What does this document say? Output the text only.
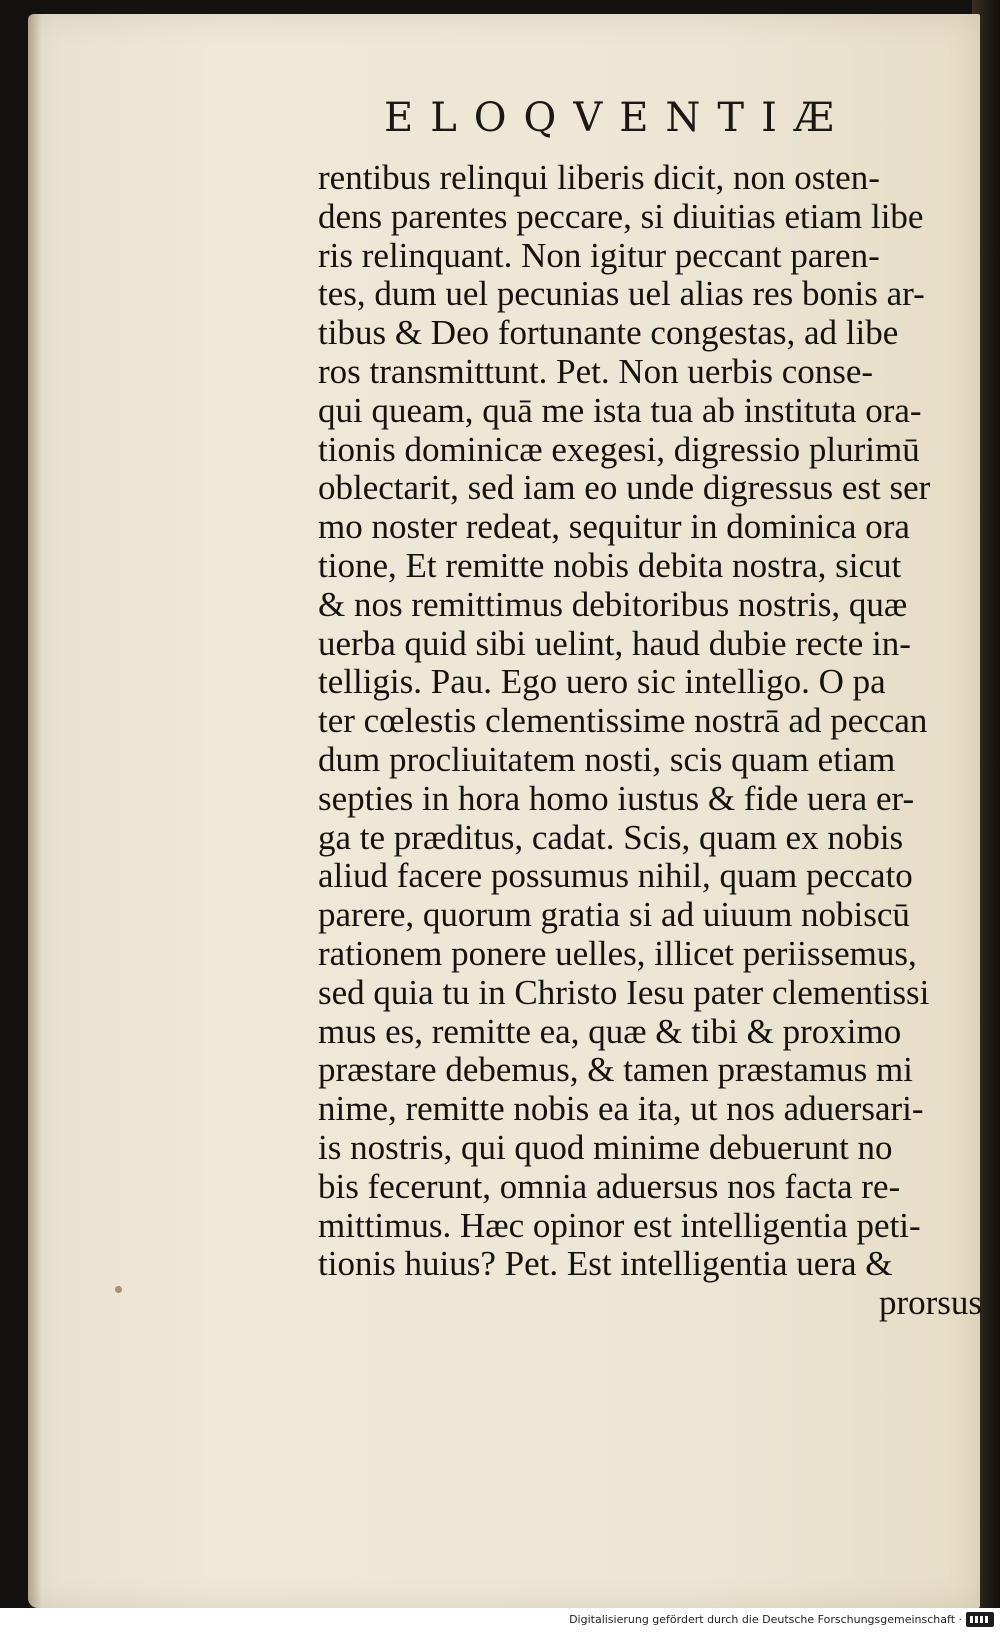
ELOQVENTIÆ
rentibus relinqui liberis dicit, non osten-
dens parentes peccare, si diuitias etiam libe
ris relinquant. Non igitur peccant paren-
tes, dum uel pecunias uel alias res bonis ar-
tibus & Deo fortunante congestas, ad libe
ros transmittunt. Pet. Non uerbis conse-
qui queam, quā me ista tua ab instituta ora-
tionis dominicæ exegesi, digressio plurimū
oblectarit, sed iam eo unde digressus est ser
mo noster redeat, sequitur in dominica ora
tione, Et remitte nobis debita nostra, sicut
& nos remittimus debitoribus nostris, quæ
uerba quid sibi uelint, haud dubie recte in-
telligis. Pau. Ego uero sic intelligo. O pa
ter cœlestis clementissime nostrā ad peccan
dum procliuitatem nosti, scis quam etiam
septies in hora homo iustus & fide uera er-
ga te præditus, cadat. Scis, quam ex nobis
aliud facere possumus nihil, quam peccato
parere, quorum gratia si ad uiuum nobiscū
rationem ponere uelles, illicet periissemus,
sed quia tu in Christo Iesu pater clementissi
mus es, remitte ea, quæ & tibi & proximo
præstare debemus, & tamen præstamus mi
nime, remitte nobis ea ita, ut nos aduersari-
is nostris, qui quod minime debuerunt no
bis fecerunt, omnia aduersus nos facta re-
mittimus. Hæc opinor est intelligentia peti-
tionis huius? Pet. Est intelligentia uera &
prorsus
Digitalisierung gefördert durch die Deutsche Forschungsgemeinschaft ·
